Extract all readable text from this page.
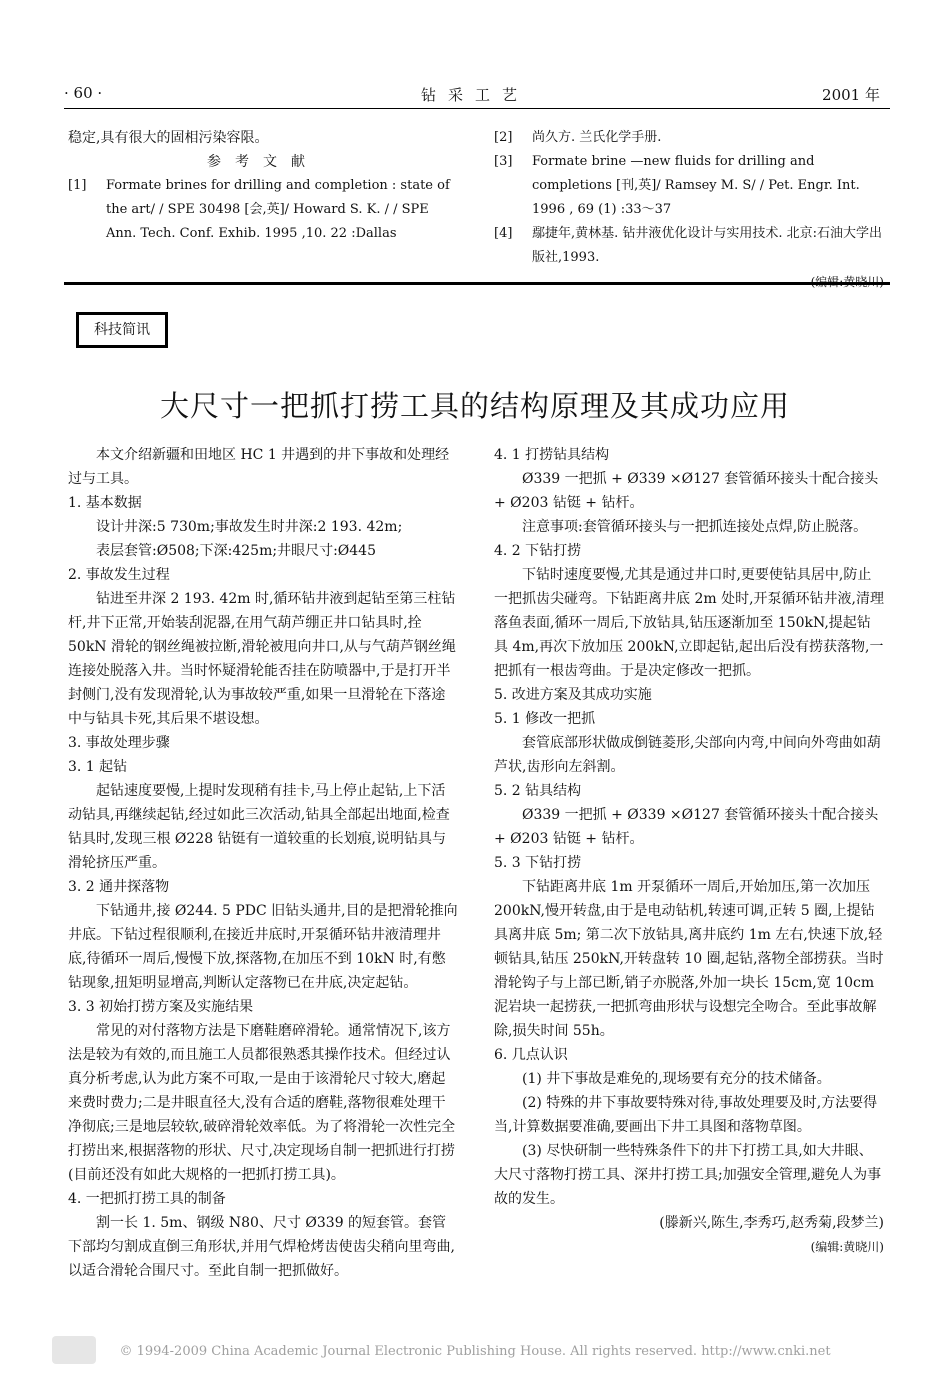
· 60 ·	钻采工艺	2001 年

稳定,具有很大的固相污染容限。

参考文献

[1]	Formate brines for drilling and completion : state of the art/ / SPE 30498 [会,英]/ Howard S. K. / / SPE Ann. Tech. Conf. Exhib. 1995 ,10. 22 :Dallas
[2]	尚久方. 兰氏化学手册.
[3]	Formate brine —new fluids for drilling and completions [刊,英]/ Ramsey M. S/ / Pet. Engr. Int. 1996 , 69 (1) :33～37
[4]	鄢捷年,黄林基. 钻井液优化设计与实用技术. 北京:石油大学出版社,1993.

科技简讯
大尺寸一把抓打捞工具的结构原理及其成功应用

本文介绍新疆和田地区 HC 1 井遇到的井下事故和处理经过与工具。

1. 基本数据

设计井深:5 730m;事故发生时井深:2 193. 42m;

表层套管:Ø508;下深:425m;井眼尺寸:Ø445

2. 事故发生过程

钻进至井深 2 193. 42m 时,循环钻井液到起钻至第三柱钻杆,井下正常,开始装刮泥器,在用气葫芦绷正井口钻具时,拴 50kN 滑轮的钢丝绳被拉断,滑轮被甩向井口,从与气葫芦钢丝绳连接处脱落入井。当时怀疑滑轮能否挂在防喷器中,于是打开半封侧门,没有发现滑轮,认为事故较严重,如果一旦滑轮在下落途中与钻具卡死,其后果不堪设想。

3. 事故处理步骤

3. 1 起钻

起钻速度要慢,上提时发现稍有挂卡,马上停止起钻,上下活动钻具,再继续起钻,经过如此三次活动,钻具全部起出地面,检查钻具时,发现三根 Ø228 钻铤有一道较重的长划痕,说明钻具与滑轮挤压严重。

3. 2 通井探落物

下钻通井,接 Ø244. 5 PDC 旧钻头通井,目的是把滑轮推向井底。下钻过程很顺利,在接近井底时,开泵循环钻井液清理井底,待循环一周后,慢慢下放,探落物,在加压不到 10kN 时,有憋钻现象,扭矩明显增高,判断认定落物已在井底,决定起钻。

3. 3 初始打捞方案及实施结果

常见的对付落物方法是下磨鞋磨碎滑轮。通常情况下,该方法是较为有效的,而且施工人员都很熟悉其操作技术。但经过认真分析考虑,认为此方案不可取,一是由于该滑轮尺寸较大,磨起来费时费力;二是井眼直径大,没有合适的磨鞋,落物很难处理干净彻底;三是地层较软,破碎滑轮效率低。为了将滑轮一次性完全打捞出来,根据落物的形状、尺寸,决定现场自制一把抓进行打捞(目前还没有如此大规格的一把抓打捞工具)。

4. 一把抓打捞工具的制备

割一长 1. 5m、钢级 N80、尺寸 Ø339 的短套管。套管下部均匀割成直倒三角形状,并用气焊枪烤齿使齿尖稍向里弯曲,以适合滑轮合围尺寸。至此自制一把抓做好。

4. 1 打捞钻具结构

Ø339 一把抓 + Ø339 ×Ø127 套管循环接头十配合接头 + Ø203 钻铤 + 钻杆。

注意事项:套管循环接头与一把抓连接处点焊,防止脱落。

4. 2 下钻打捞

下钻时速度要慢,尤其是通过井口时,更要使钻具居中,防止一把抓齿尖碰弯。下钻距离井底 2m 处时,开泵循环钻井液,清理落鱼表面,循环一周后,下放钻具,钻压逐渐加至 150kN,提起钻具 4m,再次下放加压 200kN,立即起钻,起出后没有捞获落物,一把抓有一根齿弯曲。于是决定修改一把抓。

5. 改进方案及其成功实施

5. 1 修改一把抓

套管底部形状做成倒链菱形,尖部向内弯,中间向外弯曲如葫芦状,齿形向左斜割。

5. 2 钻具结构

Ø339 一把抓 + Ø339 ×Ø127 套管循环接头十配合接头 + Ø203 钻铤 + 钻杆。

5. 3 下钻打捞

下钻距离井底 1m 开泵循环一周后,开始加压,第一次加压 200kN,慢开转盘,由于是电动钻机,转速可调,正转 5 圈,上提钻具离井底 5m; 第二次下放钻具,离井底约 1m 左右,快速下放,轻顿钻具,钻压 250kN,开转盘转 10 圈,起钻,落物全部捞获。当时滑轮钩子与上部已断,销子亦脱落,外加一块长 15cm,宽 10cm 泥岩块一起捞获,一把抓弯曲形状与设想完全吻合。至此事故解除,损失时间 55h。

6. 几点认识

(1) 井下事故是难免的,现场要有充分的技术储备。

(2) 特殊的井下事故要特殊对待,事故处理要及时,方法要得当,计算数据要准确,要画出下井工具图和落物草图。

(3) 尽快研制一些特殊条件下的井下打捞工具,如大井眼、大尺寸落物打捞工具、深井打捞工具;加强安全管理,避免人为事故的发生。

(滕新兴,陈生,李秀巧,赵秀菊,段梦兰)

(编辑:黄晓川)

© 1994-2009 China Academic Journal Electronic Publishing House. All rights reserved. http://www.cnki.net
